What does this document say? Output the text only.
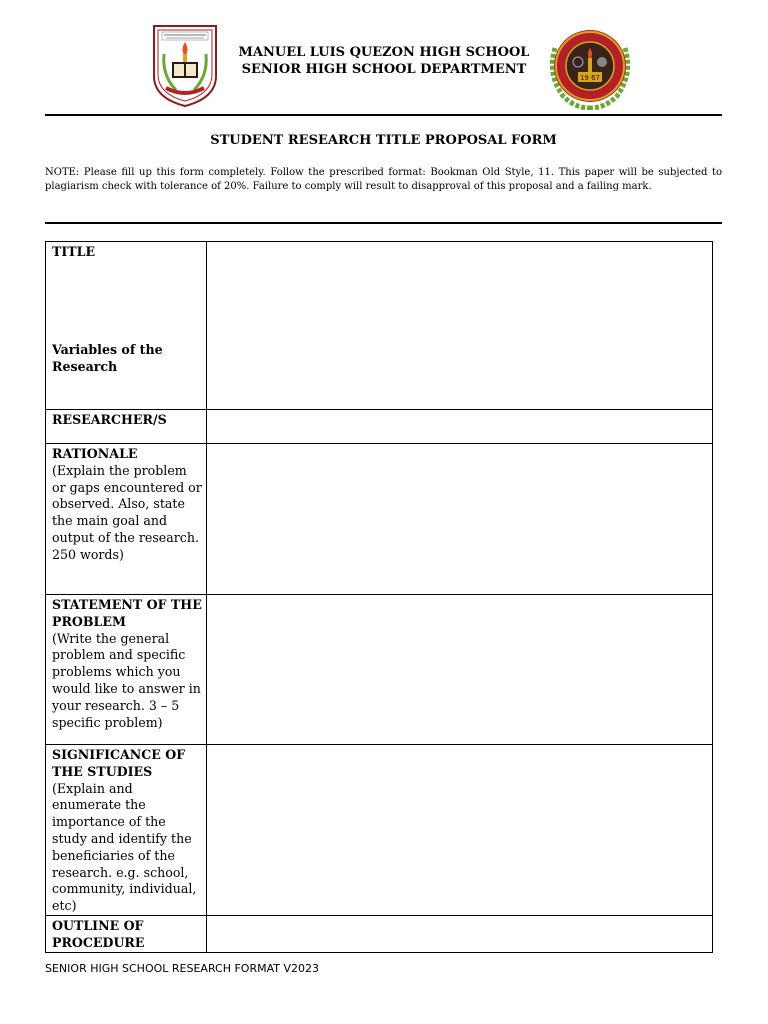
MANUEL LUIS QUEZON HIGH SCHOOL
SENIOR HIGH SCHOOL DEPARTMENT
19 67
STUDENT RESEARCH TITLE PROPOSAL FORM
NOTE: Please fill up this form completely. Follow the prescribed format: Bookman Old Style, 11. This paper will be subjected to plagiarism check with tolerance of 20%. Failure to comply will result to disapproval of this proposal and a failing mark.
TITLE
Variables of the Research	

RESEARCHER/S	

RATIONALE
(Explain the problem or gaps encountered or observed. Also, state the main goal and output of the research. 250 words)	

STATEMENT OF THE PROBLEM
(Write the general problem and specific problems which you would like to answer in your research. 3 – 5 specific problem)	

SIGNIFICANCE OF THE STUDIES
(Explain and enumerate the importance of the study and identify the beneficiaries of the research. e.g. school, community, individual, etc)	

OUTLINE OF PROCEDURE	

SENIOR HIGH SCHOOL RESEARCH FORMAT V2023
